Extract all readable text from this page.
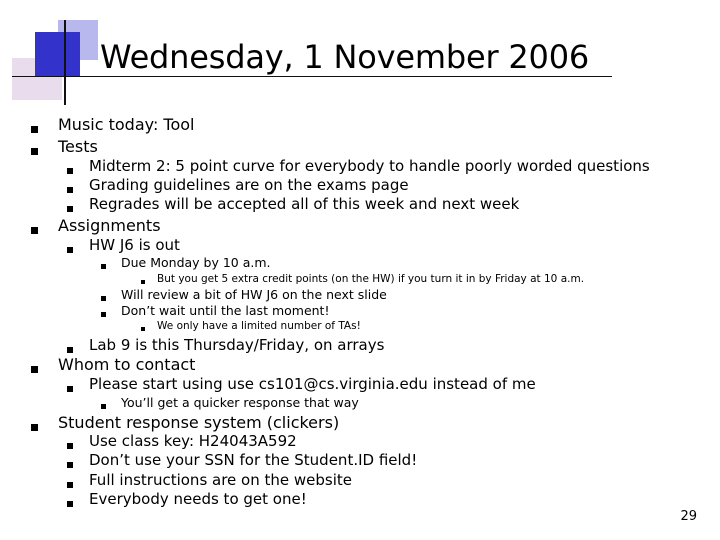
Wednesday, 1 November 2006
Music today: Tool
Tests
Midterm 2: 5 point curve for everybody to handle poorly worded questions
Grading guidelines are on the exams page
Regrades will be accepted all of this week and next week
Assignments
HW J6 is out
Due Monday by 10 a.m.
But you get 5 extra credit points (on the HW) if you turn it in by Friday at 10 a.m.
Will review a bit of HW J6 on the next slide
Don’t wait until the last moment!
We only have a limited number of TAs!
Lab 9 is this Thursday/Friday, on arrays
Whom to contact
Please start using use cs101@cs.virginia.edu instead of me
You’ll get a quicker response that way
Student response system (clickers)
Use class key: H24043A592
Don’t use your SSN for the Student.ID field!
Full instructions are on the website
Everybody needs to get one!
29
